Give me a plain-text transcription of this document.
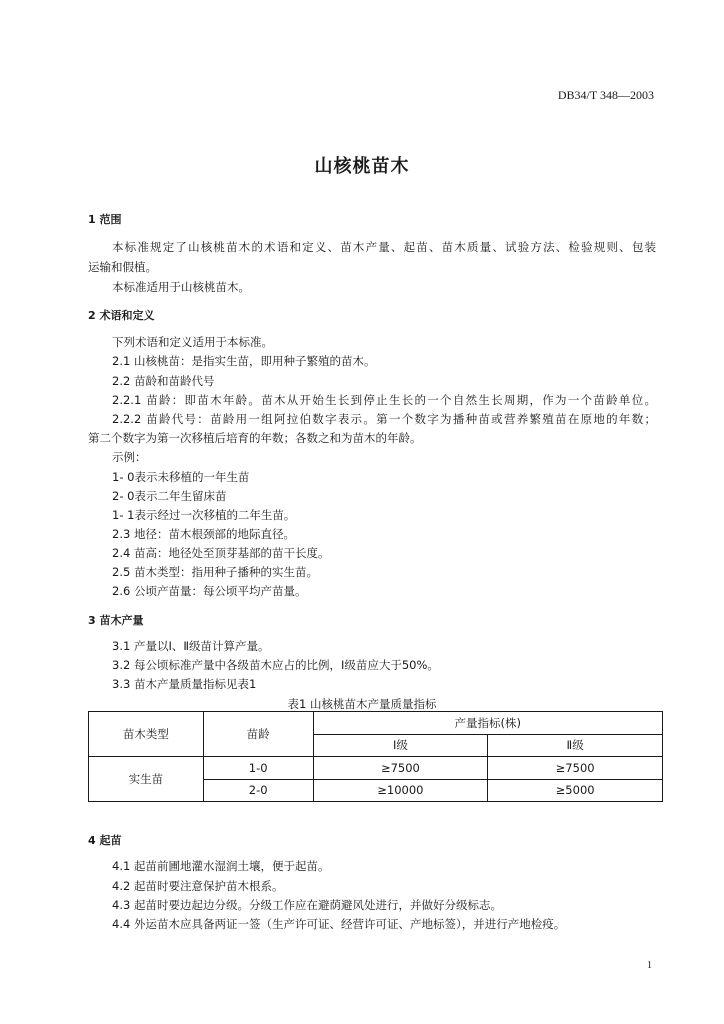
DB34/T 348—2003
山核桃苗木
1 范围
本标准规定了山核桃苗木的术语和定义、苗木产量、起苗、苗木质量、试验方法、检验规则、包装
运输和假植。
本标准适用于山核桃苗木。
2 术语和定义
下列术语和定义适用于本标准。
2.1 山核桃苗：是指实生苗，即用种子繁殖的苗木。
2.2 苗龄和苗龄代号
2.2.1 苗龄：即苗木年龄。苗木从开始生长到停止生长的一个自然生长周期，作为一个苗龄单位。
2.2.2 苗龄代号：苗龄用一组阿拉伯数字表示。第一个数字为播种苗或营养繁殖苗在原地的年数；
第二个数字为第一次移植后培育的年数；各数之和为苗木的年龄。
示例：
1- 0表示未移植的一年生苗
2- 0表示二年生留床苗
1- 1表示经过一次移植的二年生苗。
2.3 地径：苗木根颈部的地际直径。
2.4 苗高：地径处至顶芽基部的苗干长度。
2.5 苗木类型：指用种子播种的实生苗。
2.6 公顷产苗量：每公顷平均产苗量。
3 苗木产量
3.1 产量以Ⅰ、Ⅱ级苗计算产量。
3.2 每公顷标准产量中各级苗木应占的比例，Ⅰ级苗应大于50%。
3.3 苗木产量质量指标见表1
表1 山核桃苗木产量质量指标
苗木类型	苗龄	产量指标(株)	
		Ⅰ级	Ⅱ级
实生苗	1-0	≥7500	≥7500
	2-0	≥10000	≥5000
4 起苗
4.1 起苗前圃地灌水湿润土壤，便于起苗。
4.2 起苗时要注意保护苗木根系。
4.3 起苗时要边起边分级。分级工作应在避荫避风处进行，并做好分级标志。
4.4 外运苗木应具备两证一签（生产许可证、经营许可证、产地标签），并进行产地检疫。
1
